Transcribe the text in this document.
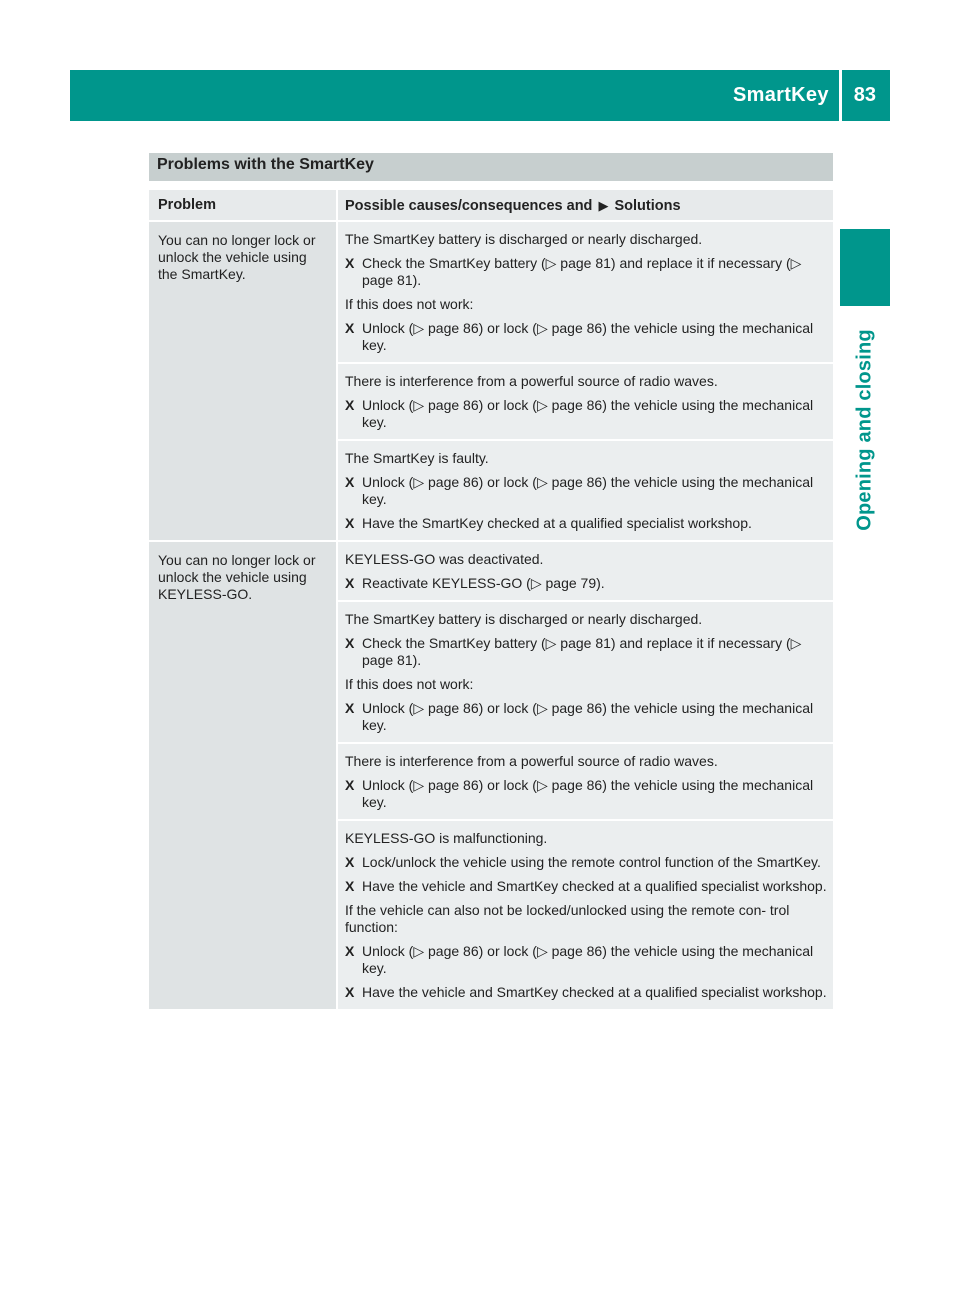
SmartKey	83
Opening and closing
Problems with the SmartKey
Problem	Possible causes/consequences and ▶ Solutions
You can no longer lock or unlock the vehicle using the SmartKey.
The SmartKey battery is discharged or nearly discharged.
X Check the SmartKey battery (▷ page 81) and replace it if necessary (▷ page 81).
If this does not work:
X Unlock (▷ page 86) or lock (▷ page 86) the vehicle using the mechanical key.
There is interference from a powerful source of radio waves.
X Unlock (▷ page 86) or lock (▷ page 86) the vehicle using the mechanical key.
The SmartKey is faulty.
X Unlock (▷ page 86) or lock (▷ page 86) the vehicle using the mechanical key.
X Have the SmartKey checked at a qualified specialist workshop.
You can no longer lock or unlock the vehicle using KEYLESS-GO.
KEYLESS-GO was deactivated.
X Reactivate KEYLESS-GO (▷ page 79).
The SmartKey battery is discharged or nearly discharged.
X Check the SmartKey battery (▷ page 81) and replace it if necessary (▷ page 81).
If this does not work:
X Unlock (▷ page 86) or lock (▷ page 86) the vehicle using the mechanical key.
There is interference from a powerful source of radio waves.
X Unlock (▷ page 86) or lock (▷ page 86) the vehicle using the mechanical key.
KEYLESS-GO is malfunctioning.
X Lock/unlock the vehicle using the remote control function of the SmartKey.
X Have the vehicle and SmartKey checked at a qualified specialist workshop.
If the vehicle can also not be locked/unlocked using the remote con- trol function:
X Unlock (▷ page 86) or lock (▷ page 86) the vehicle using the mechanical key.
X Have the vehicle and SmartKey checked at a qualified specialist workshop.
